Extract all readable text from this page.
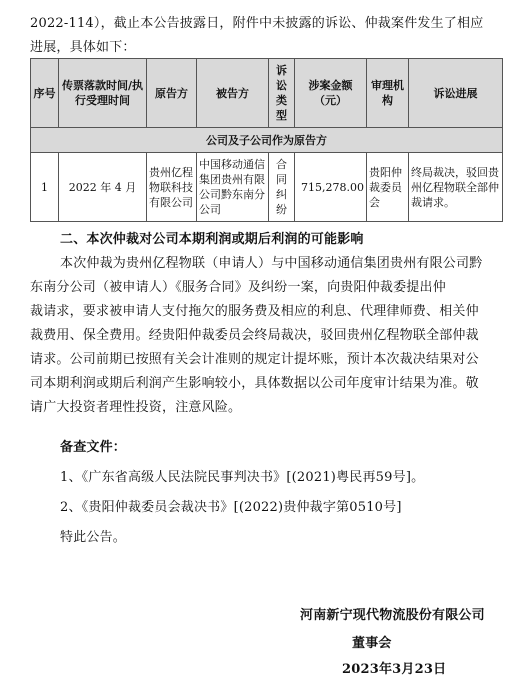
2022-114），截止本公告披露日，附件中未披露的诉讼、仲裁案件发生了相应
进展，具体如下：
序号	传票落款时间/执行受理时间	原告方	被告方	诉讼类型	涉案金额（元）	审理机构	诉讼进展
公司及子公司作为原告方							
1	2022 年 4 月	贵州亿程物联科技有限公司	中国移动通信集团贵州有限公司黔东南分公司	合同纠纷	715,278.00	贵阳仲裁委员会	终局裁决，驳回贵州亿程物联全部仲裁请求。
二、本次仲裁对公司本期利润或期后利润的可能影响
本次仲裁为贵州亿程物联（申请人）与中国移动通信集团贵州有限公司黔
东南分公司（被申请人）《服务合同》及纠纷一案，向贵阳仲裁委提出仲
裁请求，要求被申请人支付拖欠的服务费及相应的利息、代理律师费、相关仲
裁费用、保全费用。经贵阳仲裁委员会终局裁决，驳回贵州亿程物联全部仲裁
请求。公司前期已按照有关会计准则的规定计提坏账，预计本次裁决结果对公
司本期利润或期后利润产生影响较小，具体数据以公司年度审计结果为准。敬
请广大投资者理性投资，注意风险。
备查文件：
1、《广东省高级人民法院民事判决书》[(2021)粤民再59号]。
2、《贵阳仲裁委员会裁决书》[(2022)贵仲裁字第0510号]
特此公告。
河南新宁现代物流股份有限公司
董事会
2023年3月23日
